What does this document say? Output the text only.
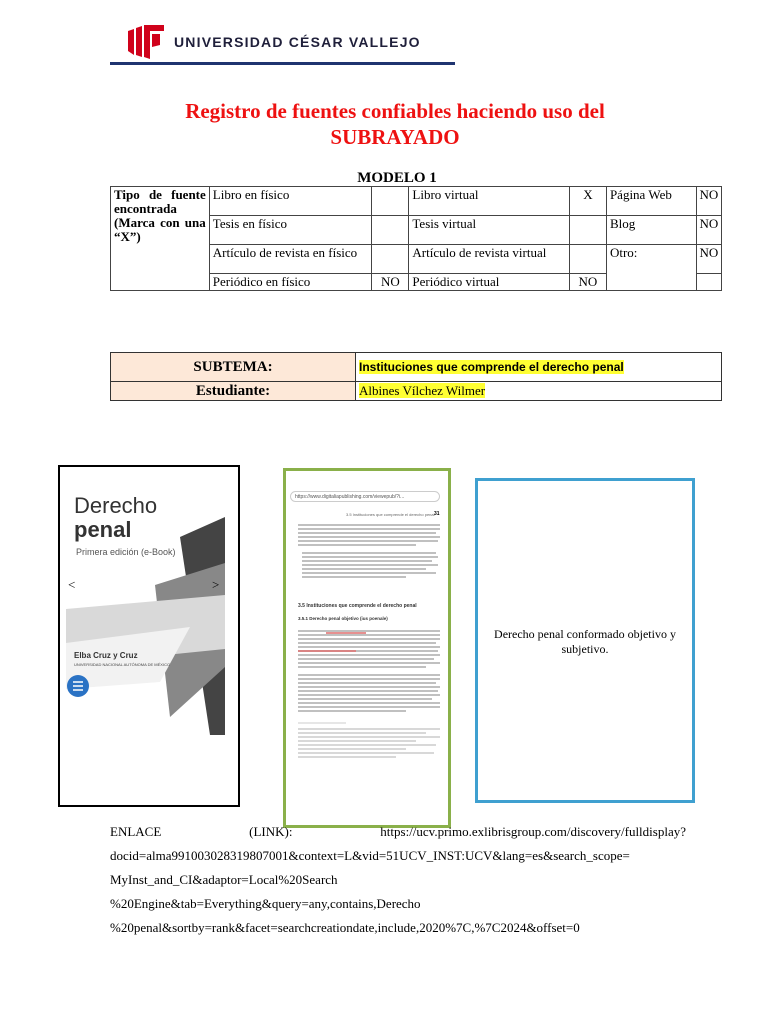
UNIVERSIDAD CÉSAR VALLEJO
Registro de fuentes confiables haciendo uso del
SUBRAYADO
MODELO 1
Tipo de fuente encontrada (Marca con una “X”)	Libro en físico		Libro virtual	X	Página Web	NO
	Tesis en físico		Tesis virtual		Blog	NO
	Artículo de revista en físico		Artículo de revista virtual		Otro:	NO
	Periódico en físico	NO	Periódico virtual	NO		
SUBTEMA:	Instituciones que comprende el derecho penal
Estudiante:	Albines Vílchez Wilmer
Derecho
penal
Primera edición (e-Book)
<	>
Elba Cruz y Cruz
UNIVERSIDAD NACIONAL AUTÓNOMA DE MÉXICO
https://www.digitaliapublishing.com/viewepub/?i...
3.5 Instituciones que comprende el derecho penal 31
3.5 Instituciones que comprende el derecho penal
3.5.1 Derecho penal objetivo (ius poenale)
Derecho penal conformado objetivo y subjetivo.
ENLACE	(LINK):	https://ucv.primo.exlibrisgroup.com/discovery/fulldisplay?
docid=alma991003028319807001&context=L&vid=51UCV_INST:UCV&lang=es&search_scope=
MyInst_and_CI&adaptor=Local%20Search
%20Engine&tab=Everything&query=any,contains,Derecho
%20penal&sortby=rank&facet=searchcreationdate,include,2020%7C,%7C2024&offset=0
